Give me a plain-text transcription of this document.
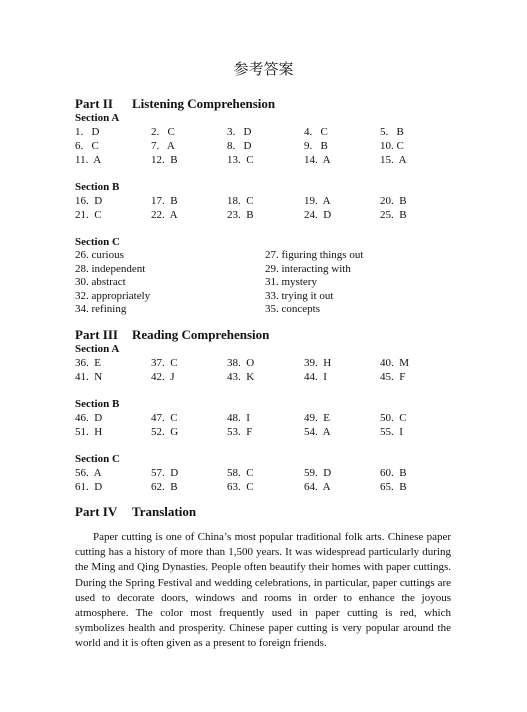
参考答案
Part II Listening Comprehension
Section A
1.   D	2.   C	3.   D	4.   C	5.   B
6.   C	7.   A	8.   D	9.   B	10. C
11.  A	12.  B	13.  C	14.  A	15.  A
Section B
16.  D	17.  B	18.  C	19.  A	20.  B
21.  C	22.  A	23.  B	24.  D	25.  B
Section C
26. curious	27. figuring things out
28. independent	29. interacting with
30. abstract	31. mystery
32. appropriately	33. trying it out
34. refining	35. concepts
Part III Reading Comprehension
Section A
36.  E	37.  C	38.  O	39.  H	40.  M
41.  N	42.  J	43.  K	44.  I	45.  F
Section B
46.  D	47.  C	48.  I	49.  E	50.  C
51.  H	52.  G	53.  F	54.  A	55.  I
Section C
56.  A	57.  D	58.  C	59.  D	60.  B
61.  D	62.  B	63.  C	64.  A	65.  B
Part IV Translation

Paper cutting is one of China’s most popular traditional folk arts. Chinese paper cutting has a history of more than 1,500 years. It was widespread particularly during the Ming and Qing Dynasties. People often beautify their homes with paper cuttings. During the Spring Festival and wedding celebrations, in particular, paper cuttings are used to decorate doors, windows and rooms in order to enhance the joyous atmosphere. The color most frequently used in paper cutting is red, which symbolizes health and prosperity. Chinese paper cutting is very popular around the world and it is often given as a present to foreign friends.
